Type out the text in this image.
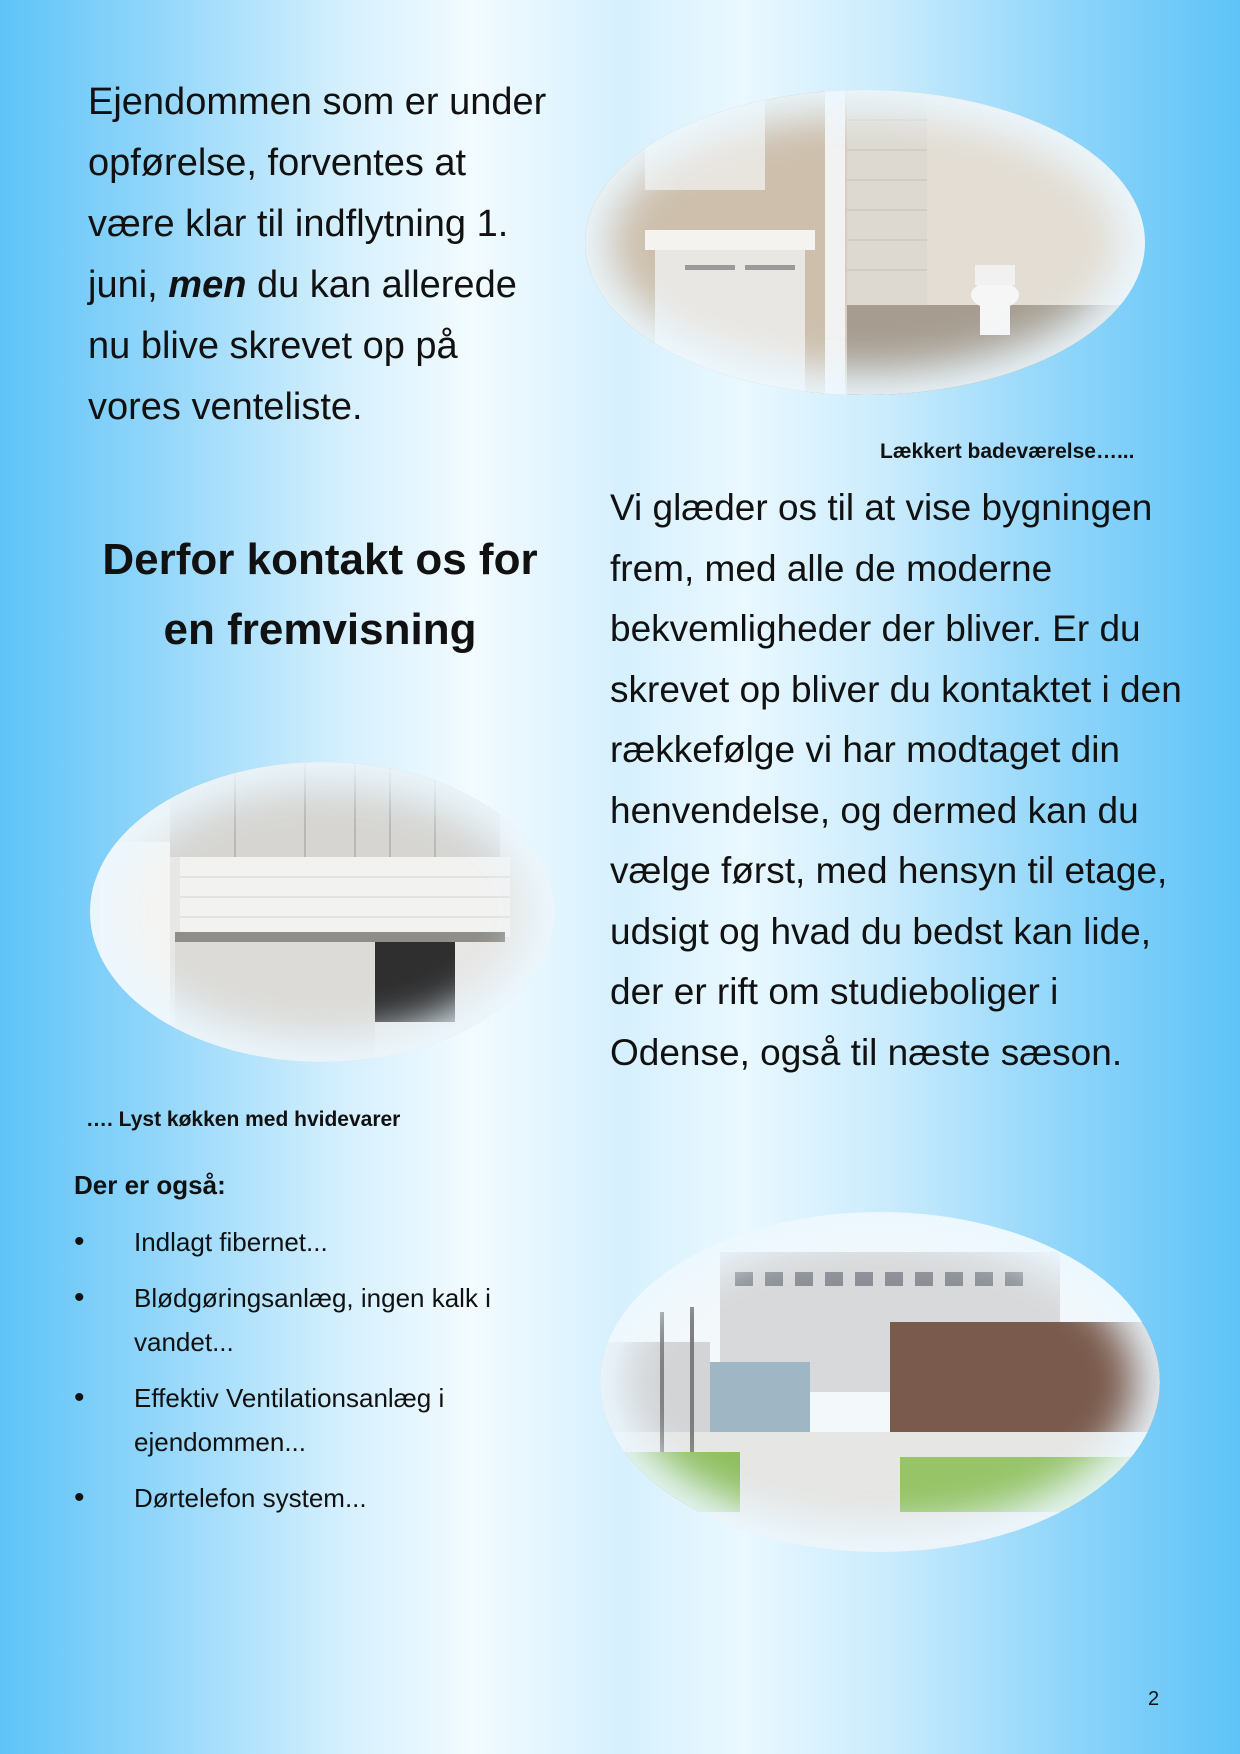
Ejendommen som er under opførelse, forventes at være klar til indflytning 1. juni, men du kan allerede nu blive skrevet op på vores venteliste.

Derfor kontakt os for
en fremvisning

Lækkert badeværelse…...

…. Lyst køkken med hvidevarer

Vi glæder os til at vise bygningen frem, med alle de moderne bekvemligheder der bliver. Er du skrevet op bliver du kontaktet i den rækkefølge vi har modtaget din henvendelse, og dermed kan du vælge først, med hensyn til etage, udsigt og hvad du bedst kan lide, der er rift om studieboliger i Odense, også til næste sæson.

Der er også:

• Indlagt fibernet...
• Blødgøringsanlæg, ingen kalk i vandet...
• Effektiv Ventilationsanlæg i ejendommen...
• Dørtelefon system...

2
